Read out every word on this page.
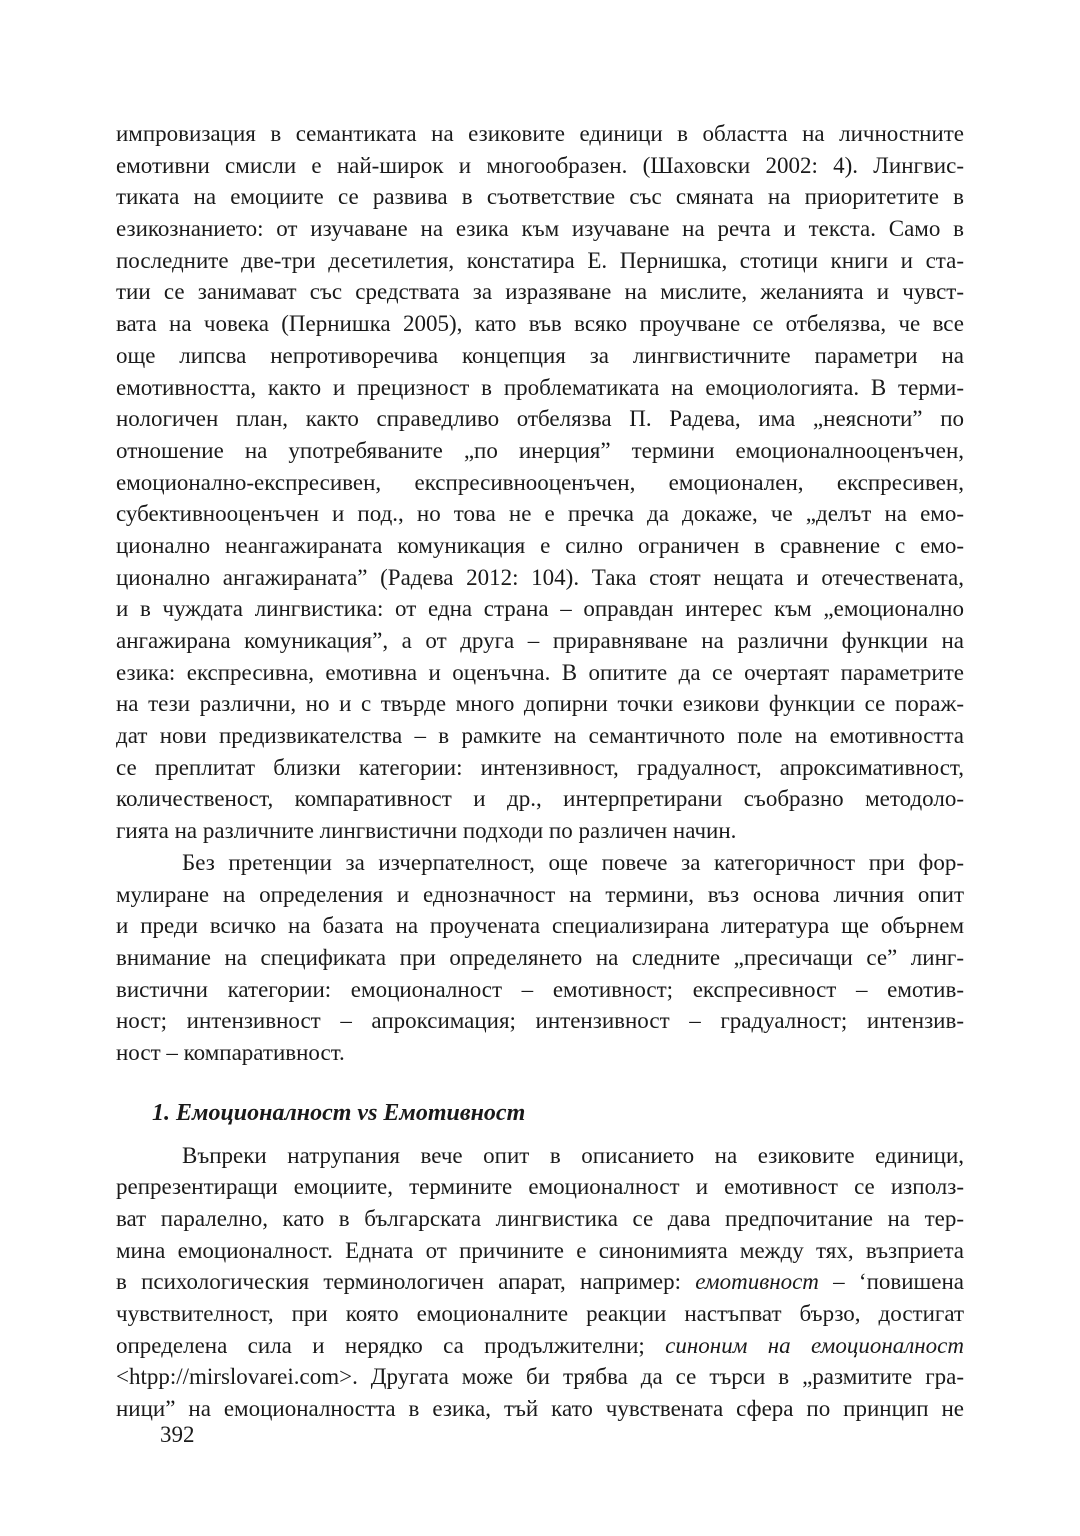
импровизация в семантиката на езиковите единици в областта на личностните
емотивни смисли е най-широк и многообразен. (Шаховски 2002: 4). Лингвис-
тиката на емоциите се развива в съответствие със смяната на приоритетите в
езикознанието: от изучаване на езика към изучаване на речта и текста. Само в
последните две-три десетилетия, констатира Е. Пернишка, стотици книги и ста-
тии се занимават със средствата за изразяване на мислите, желанията и чувст-
вата на човека (Пернишка 2005), като във всяко проучване се отбелязва, че все
още липсва непротиворечива концепция за лингвистичните параметри на
емотивността, както и прецизност в проблематиката на емоциологията. В терми-
нологичен план, както справедливо отбелязва П. Радева, има „неясноти” по
отношение на употребяваните „по инерция” термини емоционалнооценъчен,
емоционално-експресивен, експресивнооценъчен, емоционален, експресивен,
субективнооценъчен и под., но това не е пречка да докаже, че „делът на емо-
ционално неангажираната комуникация е силно ограничен в сравнение с емо-
ционално ангажираната” (Радева 2012: 104). Така стоят нещата и отечествената,
и в чуждата лингвистика: от една страна – оправдан интерес към „емоционално
ангажирана комуникация”, а от друга – приравняване на различни функции на
езика: експресивна, емотивна и оценъчна. В опитите да се очертаят параметрите
на тези различни, но и с твърде много допирни точки езикови функции се пораж-
дат нови предизвикателства – в рамките на семантичното поле на емотивността
се преплитат близки категории: интензивност, градуалност, апроксимативност,
количественост, компаративност и др., интерпретирани съобразно методоло-
гията на различните лингвистични подходи по различен начин.
Без претенции за изчерпателност, още повече за категоричност при фор-
мулиране на определения и еднозначност на термини, въз основа личния опит
и преди всичко на базата на проучената специализирана литература ще обърнем
внимание на спецификата при определянето на следните „пресичащи се” линг-
вистични категории: емоционалност – емотивност; експресивност – емотив-
ност; интензивност – апроксимация; интензивност – градуалност; интензив-
ност – компаративност.
1. Емоционалност vs Емотивност
Въпреки натрупания вече опит в описанието на езиковите единици,
репрезентиращи емоциите, термините емоционалност и емотивност се използ-
ват паралелно, като в българската лингвистика се дава предпочитание на тер-
мина емоционалност. Едната от причините е синонимията между тях, възприета
в психологическия терминологичен апарат, например: емотивност – ‘повишена
чувствителност, при която емоционалните реакции настъпват бързо, достигат
определена сила и нерядко са продължителни; синоним на емоционалност
<htpp://mirslovarei.com>. Другата може би трябва да се търси в „размитите гра-
ници” на емоционалността в езика, тъй като чувствената сфера по принцип не
392
